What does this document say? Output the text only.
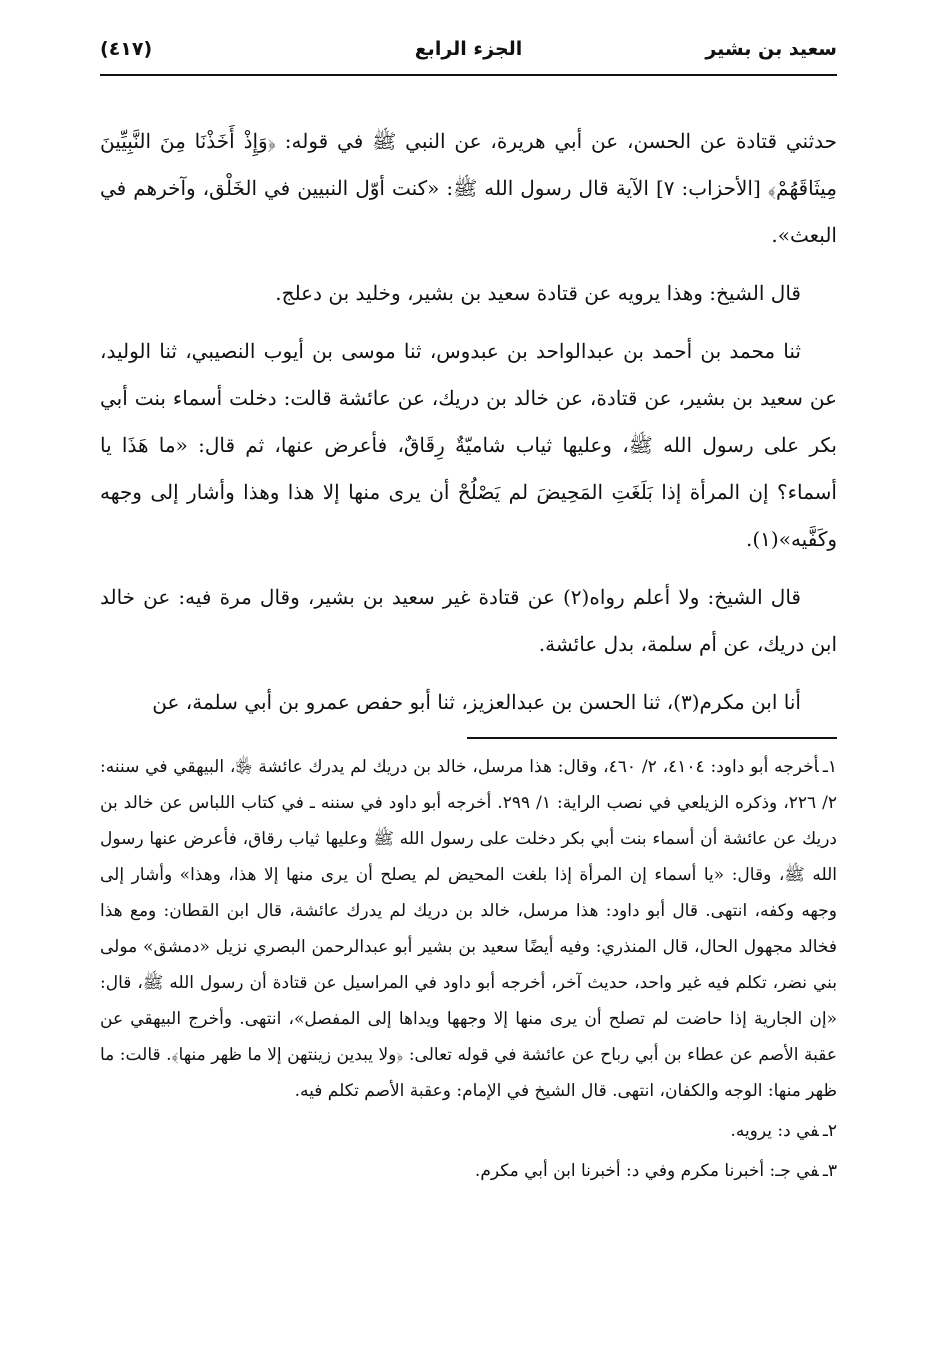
سعيد بن بشير
الجزء الرابع
(٤١٧)

حدثني قتادة عن الحسن، عن أبي هريرة، عن النبي ﷺ في قوله: ﴿وَإِذْ أَخَذْنَا مِنَ النَّبِيِّينَ مِيثَاقَهُمْ﴾ [الأحزاب: ٧] الآية قال رسول الله ﷺ: «كنت أوّل النبيين في الخَلْق، وآخرهم في البعث».

قال الشيخ: وهذا يرويه عن قتادة سعيد بن بشير، وخليد بن دعلج.

ثنا محمد بن أحمد بن عبدالواحد بن عبدوس، ثنا موسى بن أيوب النصيبي، ثنا الوليد، عن سعيد بن بشير، عن قتادة، عن خالد بن دريك، عن عائشة قالت: دخلت أسماء بنت أبي بكر على رسول الله ﷺ، وعليها ثياب شاميّةٌ رِقَاقٌ، فأعرض عنها، ثم قال: «ما هَذَا يا أسماء؟ إن المرأة إذا بَلَغَتِ المَحِيضَ لم يَصْلُحْ أن يرى منها إلا هذا وهذا وأشار إلى وجهه وكَفَّيه»(١).

قال الشيخ: ولا أعلم رواه(٢) عن قتادة غير سعيد بن بشير، وقال مرة فيه: عن خالد ابن دريك، عن أم سلمة، بدل عائشة.

أنا ابن مكرم(٣)، ثنا الحسن بن عبدالعزيز، ثنا أبو حفص عمرو بن أبي سلمة، عن

١ـأخرجه أبو داود: ٤١٠٤، ٢/ ٤٦٠، وقال: هذا مرسل، خالد بن دريك لم يدرك عائشة ﵂، البيهقي في سننه: ٢/ ٢٢٦، وذكره الزيلعي في نصب الراية: ١/ ٢٩٩. أخرجه أبو داود في سننه ـ في كتاب اللباس عن خالد بن دريك عن عائشة أن أسماء بنت أبي بكر دخلت على رسول الله ﷺ وعليها ثياب رقاق، فأعرض عنها رسول الله ﷺ، وقال: «يا أسماء إن المرأة إذا بلغت المحيض لم يصلح أن يرى منها إلا هذا، وهذا» وأشار إلى وجهه وكفه، انتهى. قال أبو داود: هذا مرسل، خالد بن دريك لم يدرك عائشة، قال ابن القطان: ومع هذا فخالد مجهول الحال، قال المنذري: وفيه أيضًا سعيد بن بشير أبو عبدالرحمن البصري نزيل «دمشق» مولى بني نضر، تكلم فيه غير واحد، حديث آخر، أخرجه أبو داود في المراسيل عن قتادة أن رسول الله ﷺ، قال: «إن الجارية إذا حاضت لم تصلح أن يرى منها إلا وجهها ويداها إلى المفصل»، انتهى. وأخرج البيهقي عن عقبة الأصم عن عطاء بن أبي رباح عن عائشة في قوله تعالى: ﴿ولا يبدين زينتهن إلا ما ظهر منها﴾. قالت: ما ظهر منها: الوجه والكفان، انتهى. قال الشيخ في الإمام: وعقبة الأصم تكلم فيه.

٢ـفي د: يرويه.

٣ـفي جـ: أخبرنا مكرم وفي د: أخبرنا ابن أبي مكرم.
